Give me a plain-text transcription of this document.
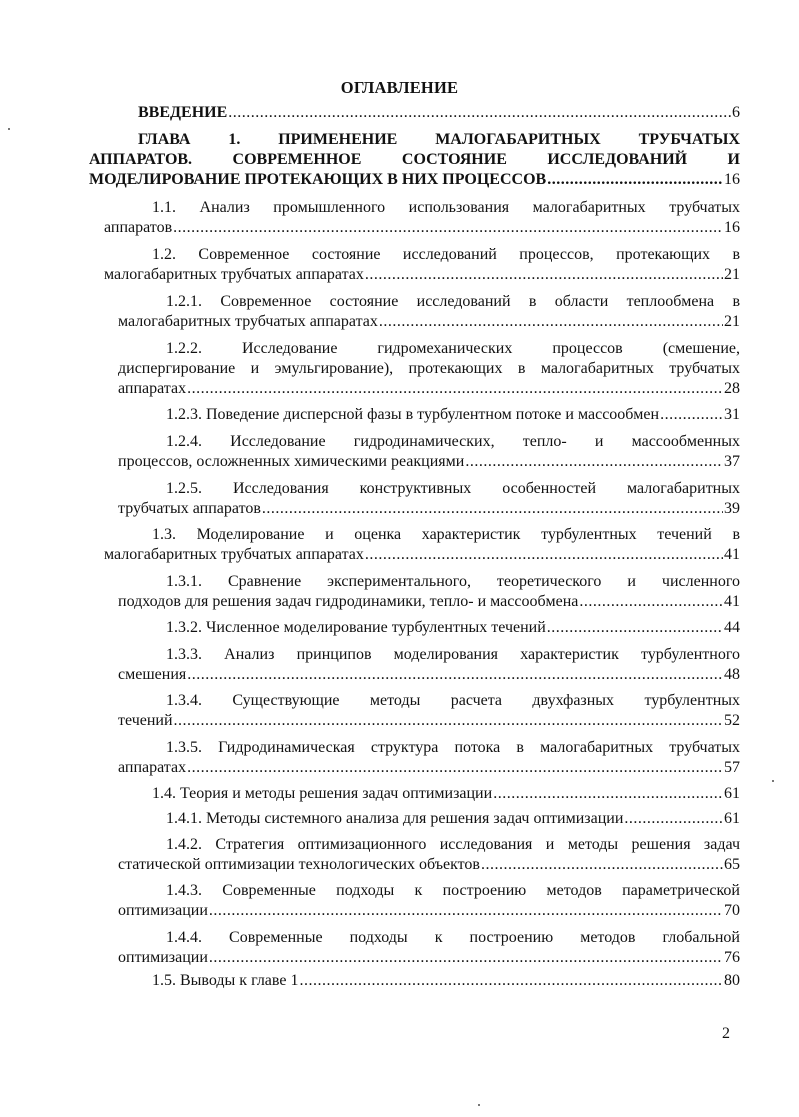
ОГЛАВЛЕНИЕ
ВВЕДЕНИЕ .....	6
ГЛАВА 1. ПРИМЕНЕНИЕ МАЛОГАБАРИТНЫХ ТРУБЧАТЫХ
АППАРАТОВ. СОВРЕМЕННОЕ СОСТОЯНИЕ ИССЛЕДОВАНИЙ И
МОДЕЛИРОВАНИЕ ПРОТЕКАЮЩИХ В НИХ ПРОЦЕССОВ .....	16
1.1. Анализ промышленного использования малогабаритных трубчатых
аппаратов .....	16
1.2. Современное состояние исследований процессов, протекающих в
малогабаритных трубчатых аппаратах .....	21
1.2.1. Современное состояние исследований в области теплообмена в
малогабаритных трубчатых аппаратах .....	21
1.2.2. Исследование гидромеханических процессов (смешение,
диспергирование и эмульгирование), протекающих в малогабаритных трубчатых
аппаратах .....	28
1.2.3. Поведение дисперсной фазы в турбулентном потоке и массообмен .....	31
1.2.4. Исследование гидродинамических, тепло- и массообменных
процессов, осложненных химическими реакциями .....	37
1.2.5. Исследования конструктивных особенностей малогабаритных
трубчатых аппаратов .....	39
1.3. Моделирование и оценка характеристик турбулентных течений в
малогабаритных трубчатых аппаратах .....	41
1.3.1. Сравнение экспериментального, теоретического и численного
подходов для решения задач гидродинамики, тепло- и массообмена .....	41
1.3.2. Численное моделирование турбулентных течений .....	44
1.3.3. Анализ принципов моделирования характеристик турбулентного
смешения .....	48
1.3.4. Существующие методы расчета двухфазных турбулентных
течений .....	52
1.3.5. Гидродинамическая структура потока в малогабаритных трубчатых
аппаратах .....	57
1.4. Теория и методы решения задач оптимизации .....	61
1.4.1. Методы системного анализа для решения задач оптимизации .....	61
1.4.2. Стратегия оптимизационного исследования и методы решения задач
статической оптимизации технологических объектов .....	65
1.4.3. Современные подходы к построению методов параметрической
оптимизации .....	70
1.4.4. Современные подходы к построению методов глобальной
оптимизации .....	76
1.5. Выводы к главе 1 .....	80
2
